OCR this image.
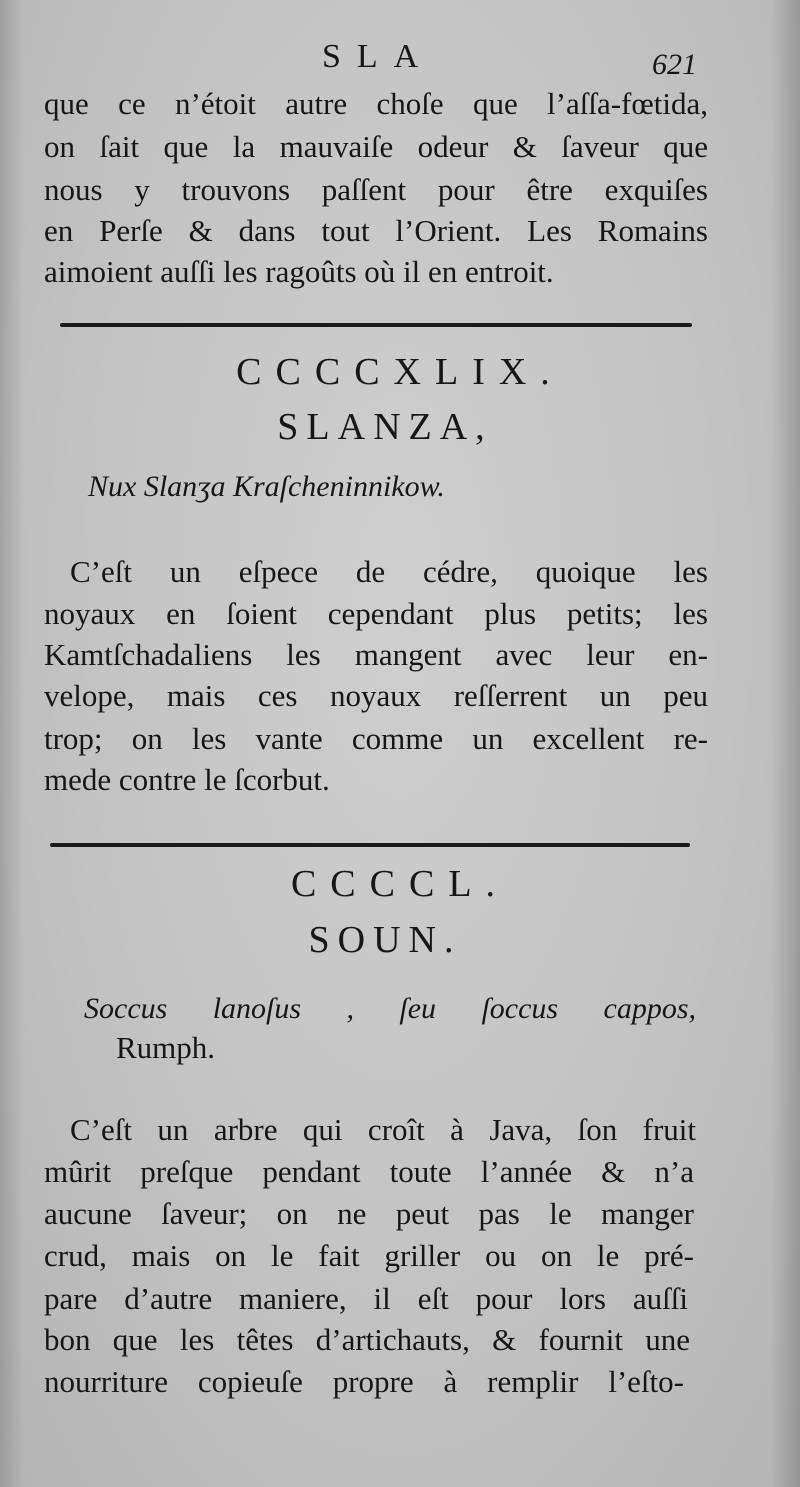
SLA	621
que ce n’étoit autre choſe que l’aſſa-fœtida,
on ſait que la mauvaiſe odeur & ſaveur que
nous y trouvons paſſent pour être exquiſes
en Perſe & dans tout l’Orient. Les Romains
aimoient auſſi les ragoûts où il en entroit.
CCCCXLIX.
SLANZA,
Nux Slanʒa Kraſcheninnikow.
C’eſt un eſpece de cédre, quoique les
noyaux en ſoient cependant plus petits; les
Kamtſchadaliens les mangent avec leur en-
velope, mais ces noyaux reſſerrent un peu
trop; on les vante comme un excellent re-
mede contre le ſcorbut.
CCCCL.
SOUN.
Soccus lanoſus , ſeu ſoccus cappos,
Rumph.
C’eſt un arbre qui croît à Java, ſon fruit
mûrit preſque pendant toute l’année & n’a
aucune ſaveur; on ne peut pas le manger
crud, mais on le fait griller ou on le pré-
pare d’autre maniere, il eſt pour lors auſſi
bon que les têtes d’artichauts, & fournit une
nourriture copieuſe propre à remplir l’eſto-
